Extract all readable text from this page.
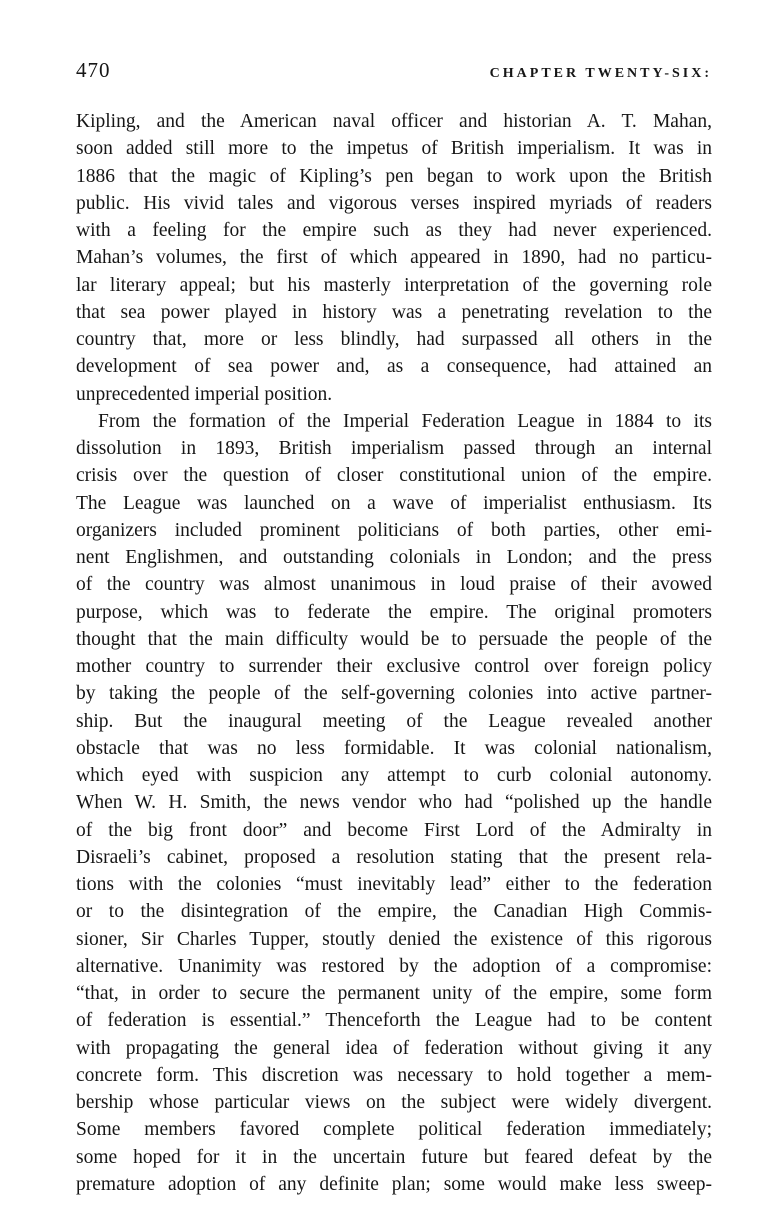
470	CHAPTER TWENTY-SIX:
Kipling, and the American naval officer and historian A. T. Mahan,
soon added still more to the impetus of British imperialism. It was in
1886 that the magic of Kipling’s pen began to work upon the British
public. His vivid tales and vigorous verses inspired myriads of readers
with a feeling for the empire such as they had never experienced.
Mahan’s volumes, the first of which appeared in 1890, had no particu-
lar literary appeal; but his masterly interpretation of the governing role
that sea power played in history was a penetrating revelation to the
country that, more or less blindly, had surpassed all others in the
development of sea power and, as a consequence, had attained an
unprecedented imperial position.
From the formation of the Imperial Federation League in 1884 to its
dissolution in 1893, British imperialism passed through an internal
crisis over the question of closer constitutional union of the empire.
The League was launched on a wave of imperialist enthusiasm. Its
organizers included prominent politicians of both parties, other emi-
nent Englishmen, and outstanding colonials in London; and the press
of the country was almost unanimous in loud praise of their avowed
purpose, which was to federate the empire. The original promoters
thought that the main difficulty would be to persuade the people of the
mother country to surrender their exclusive control over foreign policy
by taking the people of the self-governing colonies into active partner-
ship. But the inaugural meeting of the League revealed another
obstacle that was no less formidable. It was colonial nationalism,
which eyed with suspicion any attempt to curb colonial autonomy.
When W. H. Smith, the news vendor who had “polished up the handle
of the big front door” and become First Lord of the Admiralty in
Disraeli’s cabinet, proposed a resolution stating that the present rela-
tions with the colonies “must inevitably lead” either to the federation
or to the disintegration of the empire, the Canadian High Commis-
sioner, Sir Charles Tupper, stoutly denied the existence of this rigorous
alternative. Unanimity was restored by the adoption of a compromise:
“that, in order to secure the permanent unity of the empire, some form
of federation is essential.” Thenceforth the League had to be content
with propagating the general idea of federation without giving it any
concrete form. This discretion was necessary to hold together a mem-
bership whose particular views on the subject were widely divergent.
Some members favored complete political federation immediately;
some hoped for it in the uncertain future but feared defeat by the
premature adoption of any definite plan; some would make less sweep-
